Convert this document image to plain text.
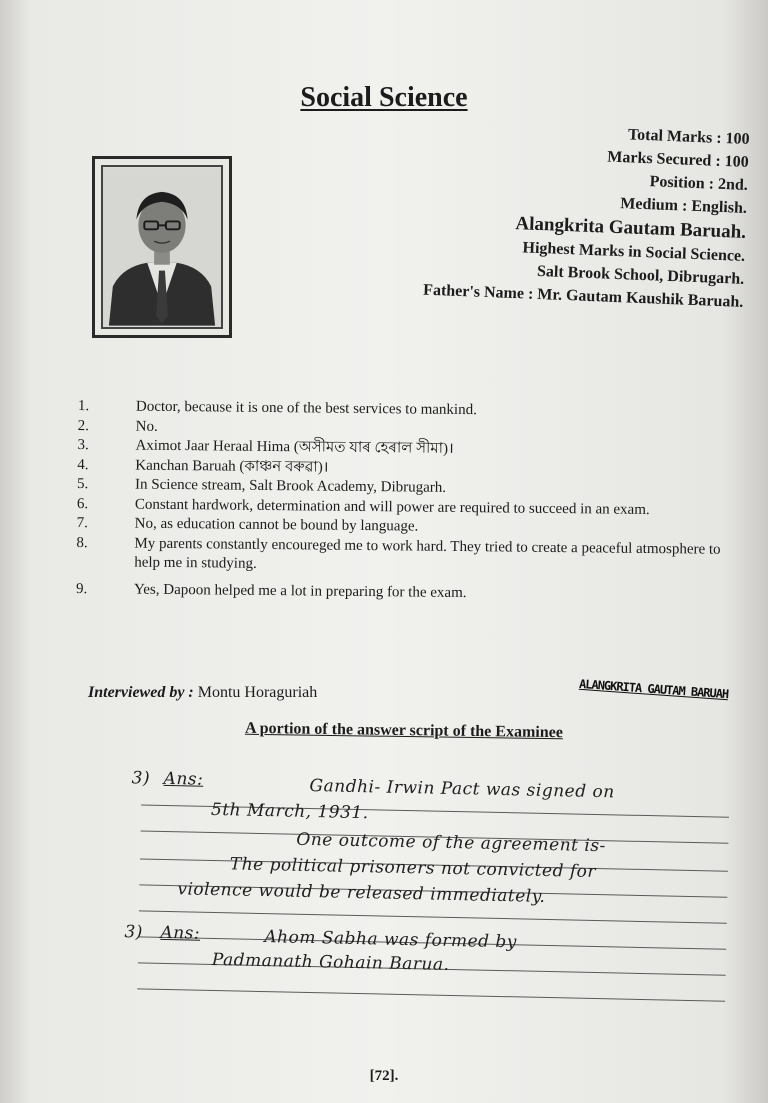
Social Science
Total Marks : 100
Marks Secured : 100
Position : 2nd.
Medium : English.
Alangkrita Gautam Baruah.
Highest Marks in Social Science.
Salt Brook School, Dibrugarh.
Father's Name : Mr. Gautam Kaushik Baruah.
1.	Doctor, because it is one of the best services to mankind.
2.	No.
3.	Aximot Jaar Heraal Hima (অসীমত যাৰ হেৰাল সীমা)।
4.	Kanchan Baruah (কাঞ্চন বৰুৱা)।
5.	In Science stream, Salt Brook Academy, Dibrugarh.
6.	Constant hardwork, determination and will power are required to succeed in an exam.
7.	No, as education cannot be bound by language.
8.	My parents constantly encoureged me to work hard. They tried to create a peaceful atmosphere to help me in studying.
9.	Yes, Dapoon helped me a lot in preparing for the exam.
Interviewed by : Montu Horaguriah	ALANGKRITA GAUTAM BARUAH
A portion of the answer script of the Examinee
3) Ans:	Gandhi- Irwin Pact was signed on
5th March, 1931.
One outcome of the agreement is-
The political prisoners not convicted for
violence would be released immediately.
3) Ans:	Ahom Sabha was formed by
Padmanath Gohain Barua.
[72].
